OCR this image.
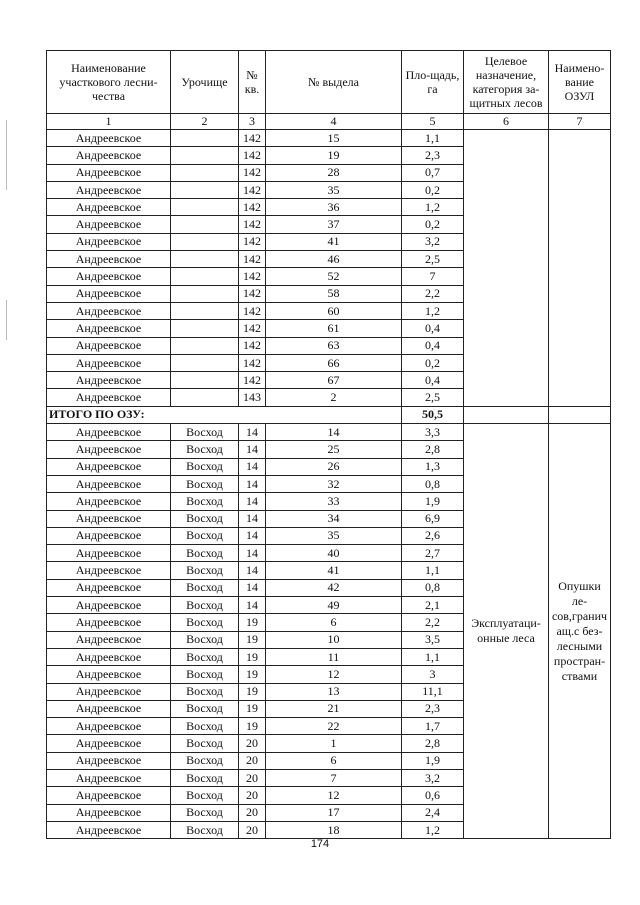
Наименование участкового лесни-чества	Урочище	№ кв.	№ выдела	Пло-щадь, га	Целевое назначение, категория за-щитных лесов	Наимено-вание ОЗУЛ
1	2	3	4	5	6	7
Андреевское		142	15	1,1		
Андреевское		142	19	2,3		
Андреевское		142	28	0,7		
Андреевское		142	35	0,2		
Андреевское		142	36	1,2		
Андреевское		142	37	0,2		
Андреевское		142	41	3,2		
Андреевское		142	46	2,5		
Андреевское		142	52	7		
Андреевское		142	58	2,2		
Андреевское		142	60	1,2		
Андреевское		142	61	0,4		
Андреевское		142	63	0,4		
Андреевское		142	66	0,2		
Андреевское		142	67	0,4		
Андреевское		143	2	2,5		
ИТОГО ПО ОЗУ:				50,5		
Андреевское	Восход	14	14	3,3	Эксплуатаци-онные леса	Опушки ле-сов,гранич ащ.с без-лесными простран-ствами
Андреевское	Восход	14	25	2,8		
Андреевское	Восход	14	26	1,3		
Андреевское	Восход	14	32	0,8		
Андреевское	Восход	14	33	1,9		
Андреевское	Восход	14	34	6,9		
Андреевское	Восход	14	35	2,6		
Андреевское	Восход	14	40	2,7		
Андреевское	Восход	14	41	1,1		
Андреевское	Восход	14	42	0,8		
Андреевское	Восход	14	49	2,1		
Андреевское	Восход	19	6	2,2		
Андреевское	Восход	19	10	3,5		
Андреевское	Восход	19	11	1,1		
Андреевское	Восход	19	12	3		
Андреевское	Восход	19	13	11,1		
Андреевское	Восход	19	21	2,3		
Андреевское	Восход	19	22	1,7		
Андреевское	Восход	20	1	2,8		
Андреевское	Восход	20	6	1,9		
Андреевское	Восход	20	7	3,2		
Андреевское	Восход	20	12	0,6		
Андреевское	Восход	20	17	2,4		
Андреевское	Восход	20	18	1,2		
174
